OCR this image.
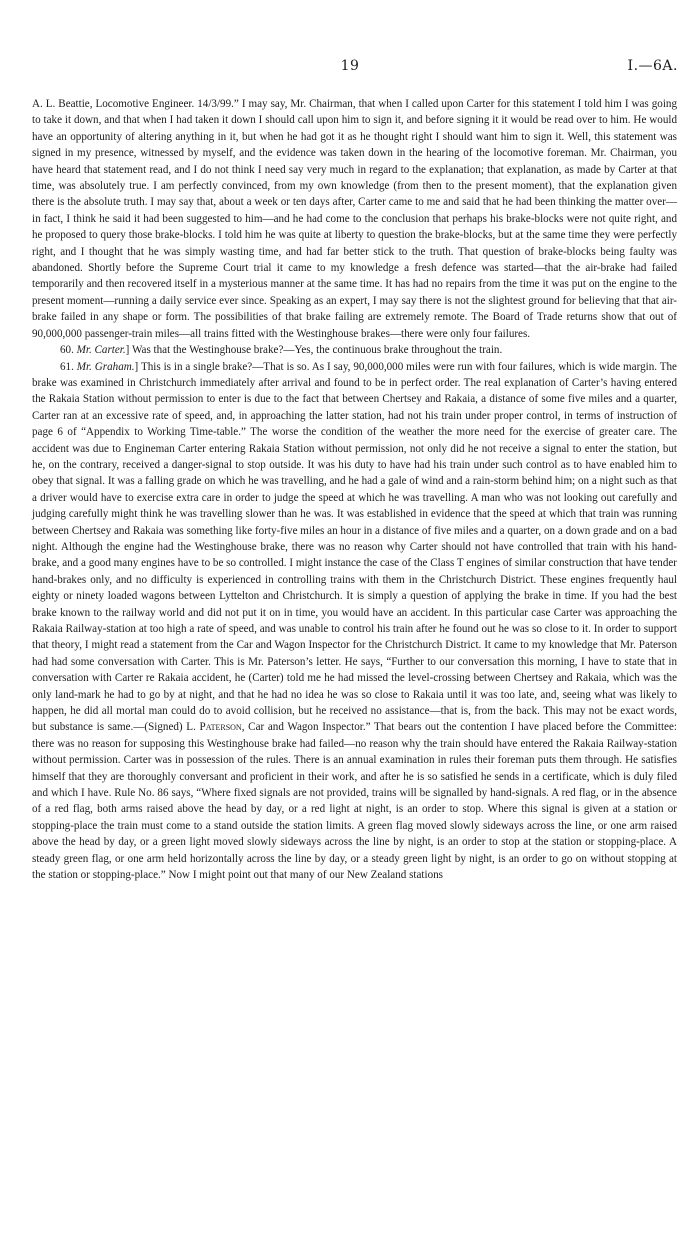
19	I.—6A.

A. L. Beattie, Locomotive Engineer. 14/3/99.” I may say, Mr. Chairman, that when I called upon Carter for this statement I told him I was going to take it down, and that when I had taken it down I should call upon him to sign it, and before signing it it would be read over to him. He would have an opportunity of altering anything in it, but when he had got it as he thought right I should want him to sign it. Well, this statement was signed in my presence, witnessed by myself, and the evidence was taken down in the hearing of the locomotive foreman. Mr. Chairman, you have heard that statement read, and I do not think I need say very much in regard to the explanation; that explanation, as made by Carter at that time, was absolutely true. I am perfectly convinced, from my own knowledge (from then to the present moment), that the explanation given there is the absolute truth. I may say that, about a week or ten days after, Carter came to me and said that he had been thinking the matter over—in fact, I think he said it had been suggested to him—and he had come to the conclusion that perhaps his brake-blocks were not quite right, and he proposed to query those brake-blocks. I told him he was quite at liberty to question the brake-blocks, but at the same time they were perfectly right, and I thought that he was simply wasting time, and had far better stick to the truth. That question of brake-blocks being faulty was abandoned. Shortly before the Supreme Court trial it came to my knowledge a fresh defence was started—that the air-brake had failed temporarily and then recovered itself in a mysterious manner at the same time. It has had no repairs from the time it was put on the engine to the present moment—running a daily service ever since. Speaking as an expert, I may say there is not the slightest ground for believing that that air-brake failed in any shape or form. The possibilities of that brake failing are extremely remote. The Board of Trade returns show that out of 90,000,000 passenger-train miles—all trains fitted with the Westinghouse brakes—there were only four failures.

60. Mr. Carter.] Was that the Westinghouse brake?—Yes, the continuous brake throughout the train.

61. Mr. Graham.] This is in a single brake?—That is so. As I say, 90,000,000 miles were run with four failures, which is wide margin. The brake was examined in Christchurch immediately after arrival and found to be in perfect order. The real explanation of Carter’s having entered the Rakaia Station without permission to enter is due to the fact that between Chertsey and Rakaia, a distance of some five miles and a quarter, Carter ran at an excessive rate of speed, and, in approaching the latter station, had not his train under proper control, in terms of instruction of page 6 of “Appendix to Working Time-table.” The worse the condition of the weather the more need for the exercise of greater care. The accident was due to Engineman Carter entering Rakaia Station without permission, not only did he not receive a signal to enter the station, but he, on the contrary, received a danger-signal to stop outside. It was his duty to have had his train under such control as to have enabled him to obey that signal. It was a falling grade on which he was travelling, and he had a gale of wind and a rain-storm behind him; on a night such as that a driver would have to exercise extra care in order to judge the speed at which he was travelling. A man who was not looking out carefully and judging carefully might think he was travelling slower than he was. It was established in evidence that the speed at which that train was running between Chertsey and Rakaia was something like forty-five miles an hour in a distance of five miles and a quarter, on a down grade and on a bad night. Although the engine had the Westinghouse brake, there was no reason why Carter should not have controlled that train with his hand-brake, and a good many engines have to be so controlled. I might instance the case of the Class T engines of similar construction that have tender hand-brakes only, and no difficulty is experienced in controlling trains with them in the Christchurch District. These engines frequently haul eighty or ninety loaded wagons between Lyttelton and Christchurch. It is simply a question of applying the brake in time. If you had the best brake known to the railway world and did not put it on in time, you would have an accident. In this particular case Carter was approaching the Rakaia Railway-station at too high a rate of speed, and was unable to control his train after he found out he was so close to it. In order to support that theory, I might read a statement from the Car and Wagon Inspector for the Christchurch District. It came to my knowledge that Mr. Paterson had had some conversation with Carter. This is Mr. Paterson’s letter. He says, “Further to our conversation this morning, I have to state that in conversation with Carter re Rakaia accident, he (Carter) told me he had missed the level-crossing between Chertsey and Rakaia, which was the only land-mark he had to go by at night, and that he had no idea he was so close to Rakaia until it was too late, and, seeing what was likely to happen, he did all mortal man could do to avoid collision, but he received no assistance—that is, from the back. This may not be exact words, but substance is same.—(Signed) L. Paterson, Car and Wagon Inspector.” That bears out the contention I have placed before the Committee: there was no reason for supposing this Westinghouse brake had failed—no reason why the train should have entered the Rakaia Railway-station without permission. Carter was in possession of the rules. There is an annual examination in rules their foreman puts them through. He satisfies himself that they are thoroughly conversant and proficient in their work, and after he is so satisfied he sends in a certificate, which is duly filed and which I have. Rule No. 86 says, “Where fixed signals are not provided, trains will be signalled by hand-signals. A red flag, or in the absence of a red flag, both arms raised above the head by day, or a red light at night, is an order to stop. Where this signal is given at a station or stopping-place the train must come to a stand outside the station limits. A green flag moved slowly sideways across the line, or one arm raised above the head by day, or a green light moved slowly sideways across the line by night, is an order to stop at the station or stopping-place. A steady green flag, or one arm held horizontally across the line by day, or a steady green light by night, is an order to go on without stopping at the station or stopping-place.” Now I might point out that many of our New Zealand stations
